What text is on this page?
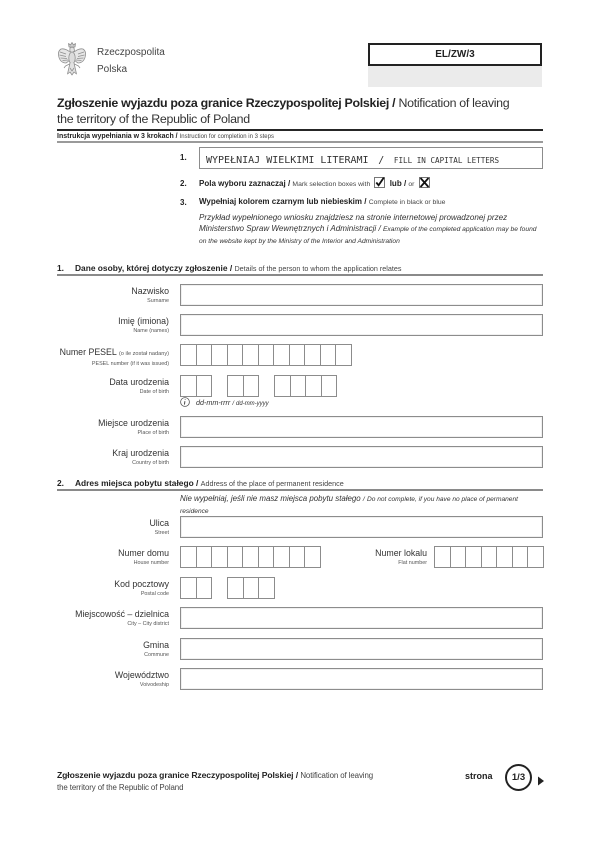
Rzeczpospolita
Polska
EL/ZW/3
Zgłoszenie wyjazdu poza granice Rzeczypospolitej Polskiej / Notification of leaving
the territory of the Republic of Poland
Instrukcja wypełniania w 3 krokach / Instruction for completion in 3 steps
1.	WYPEŁNIAJ WIELKIMI LITERAMI / FILL IN CAPITAL LETTERS
2. Pola wyboru zaznaczaj / Mark selection boxes with lub / or
3. Wypełniaj kolorem czarnym lub niebieskim / Complete in black or blue
Przykład wypełnionego wniosku znajdziesz na stronie internetowej prowadzonej przez Ministerstwo Spraw Wewnętrznych i Administracji / Example of the completed application may be found on the website kept by the Ministry of the Interior and Administration
1. Dane osoby, której dotyczy zgłoszenie / Details of the person to whom the application relates
Nazwisko
Surname
Imię (imiona)
Name (names)
Numer PESEL (o ile został nadany)
PESEL number (if it was issued)
Data urodzenia
Date of birth
dd-mm-rrrr / dd-mm-yyyy
Miejsce urodzenia
Place of birth
Kraj urodzenia
Country of birth
2. Adres miejsca pobytu stałego / Address of the place of permanent residence
Nie wypełniaj, jeśli nie masz miejsca pobytu stałego / Do not complete, if you have no place of permanent residence
Ulica
Street
Numer domu
House number
Numer lokalu
Flat number
Kod pocztowy
Postal code
Miejscowość – dzielnica
City – City district
Gmina
Commune
Województwo
Voivodeship
Zgłoszenie wyjazdu poza granice Rzeczypospolitej Polskiej / Notification of leaving
the territory of the Republic of Poland
strona	1/3
